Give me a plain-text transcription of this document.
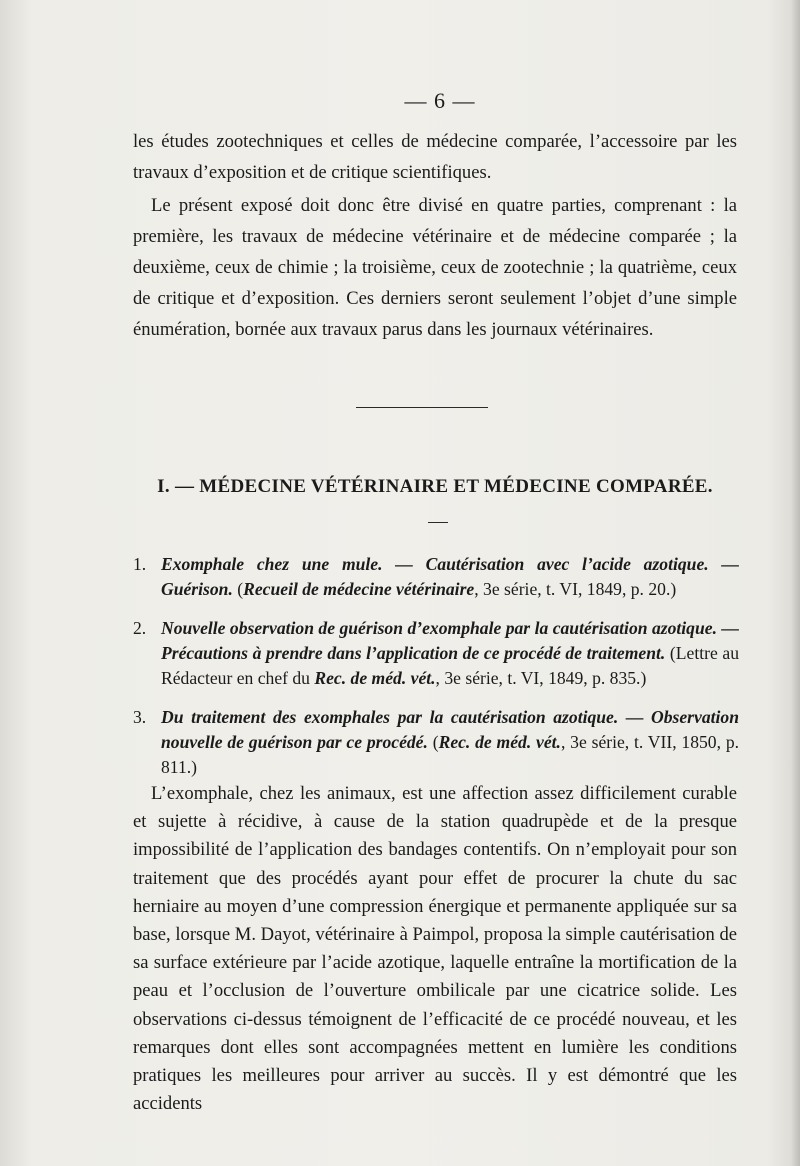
— 6 —

les études zootechniques et celles de médecine comparée, l’accessoire par les travaux d’exposition et de critique scientifiques.

Le présent exposé doit donc être divisé en quatre parties, comprenant : la première, les travaux de médecine vétérinaire et de médecine comparée ; la deuxième, ceux de chimie ; la troisième, ceux de zootechnie ; la quatrième, ceux de critique et d’exposition. Ces derniers seront seulement l’objet d’une simple énumération, bornée aux travaux parus dans les journaux vétérinaires.

I. — MÉDECINE VÉTÉRINAIRE ET MÉDECINE COMPARÉE.
1. Exomphale chez une mule. — Cautérisation avec l’acide azotique. — Guérison. (Recueil de médecine vétérinaire, 3e série, t. VI, 1849, p. 20.)
2. Nouvelle observation de guérison d’exomphale par la cautérisation azotique. — Précautions à prendre dans l’application de ce procédé de traitement. (Lettre au Rédacteur en chef du Rec. de méd. vét., 3e série, t. VI, 1849, p. 835.)
3. Du traitement des exomphales par la cautérisation azotique. — Observation nouvelle de guérison par ce procédé. (Rec. de méd. vét., 3e série, t. VII, 1850, p. 811.)

L’exomphale, chez les animaux, est une affection assez difficilement curable et sujette à récidive, à cause de la station quadrupède et de la presque impossibilité de l’application des bandages contentifs. On n’employait pour son traitement que des procédés ayant pour effet de procurer la chute du sac herniaire au moyen d’une compression énergique et permanente appliquée sur sa base, lorsque M. Dayot, vétérinaire à Paimpol, proposa la simple cautérisation de sa surface extérieure par l’acide azotique, laquelle entraîne la mortification de la peau et l’occlusion de l’ouverture ombilicale par une cicatrice solide. Les observations ci-dessus témoignent de l’efficacité de ce procédé nouveau, et les remarques dont elles sont accompagnées mettent en lumière les conditions pratiques les meilleures pour arriver au succès. Il y est démontré que les accidents
